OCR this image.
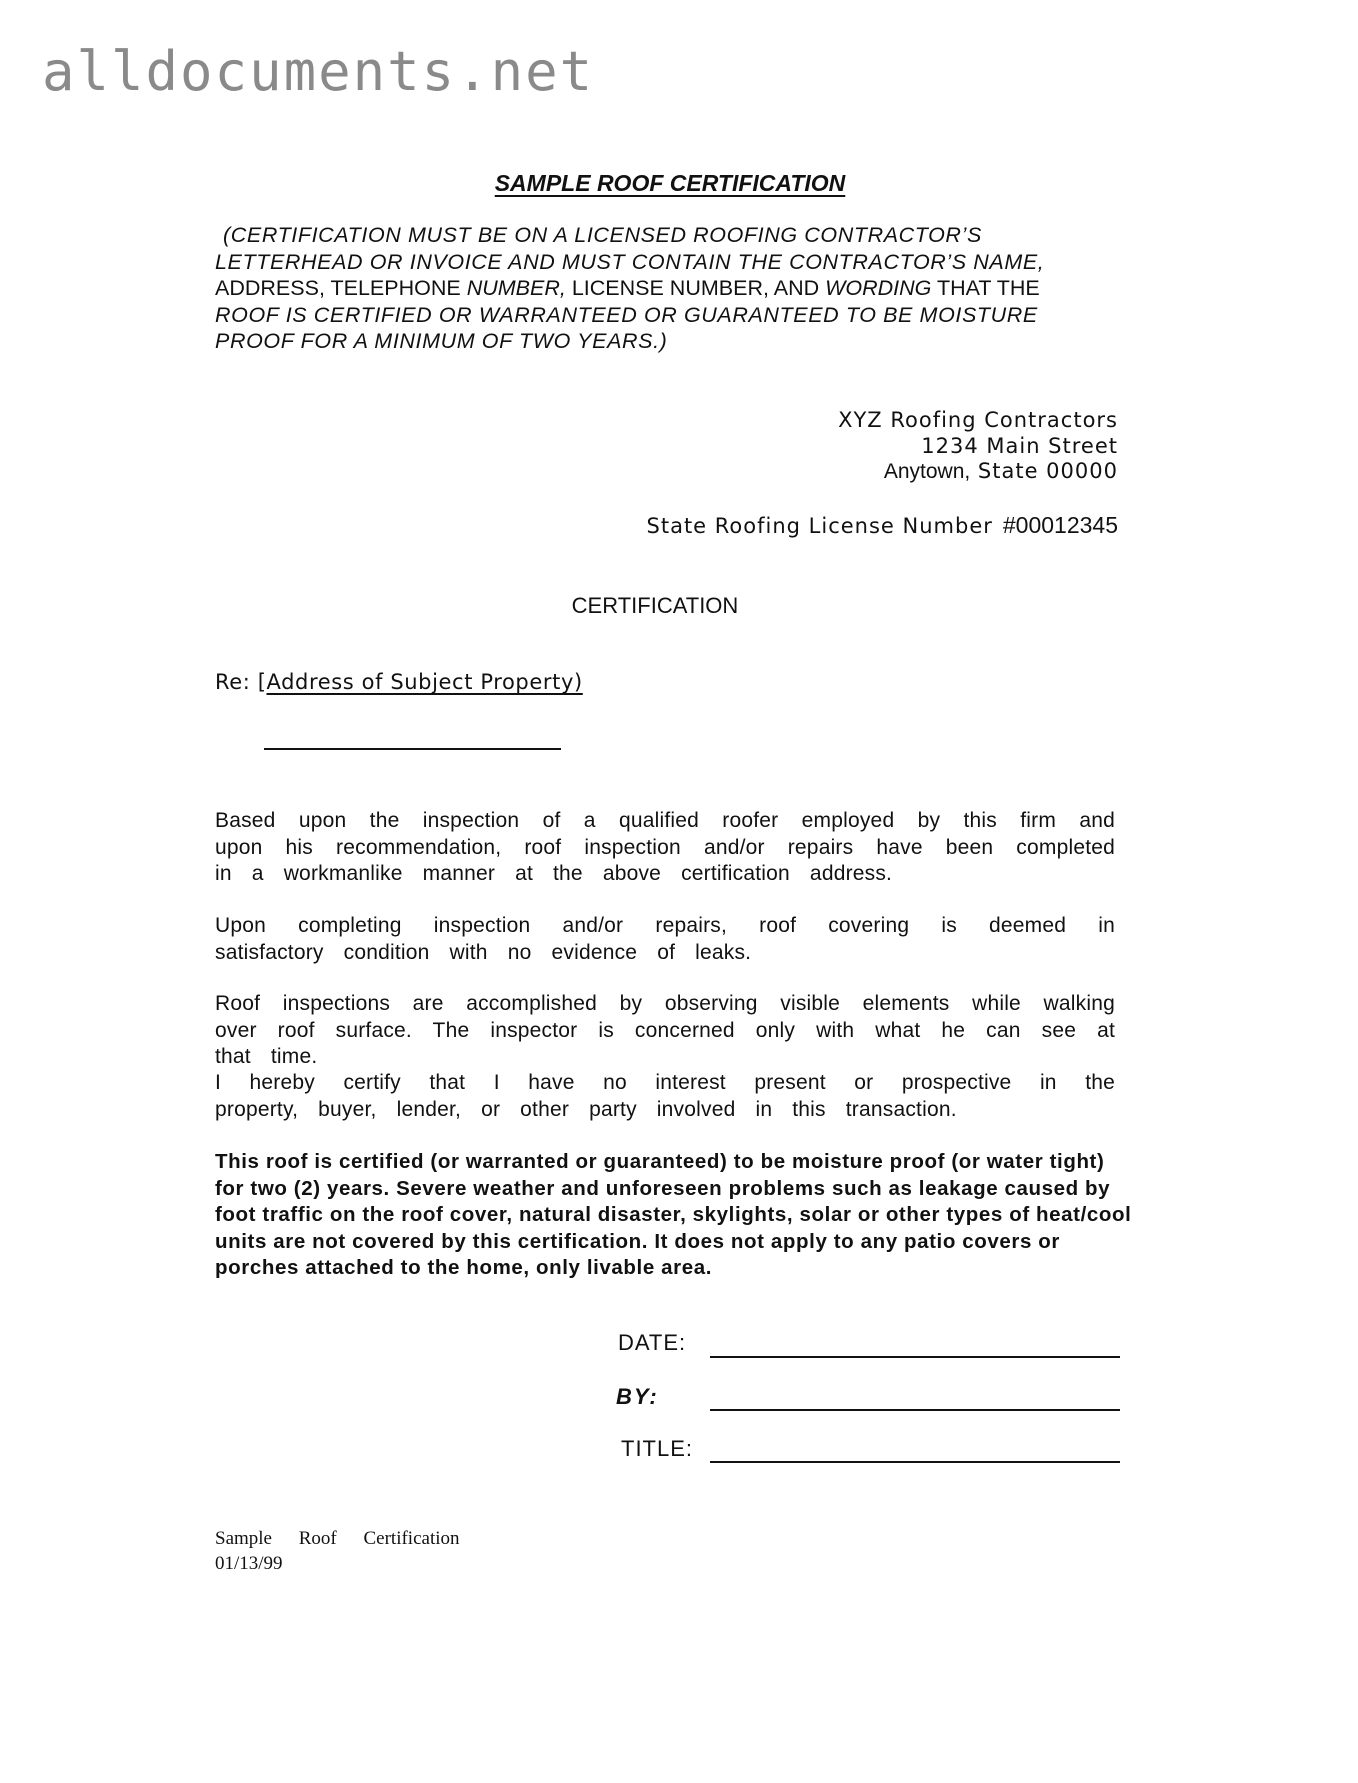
alldocuments.net
SAMPLE ROOF CERTIFICATION
(CERTIFICATION MUST BE ON A LICENSED ROOFING CONTRACTOR’S
LETTERHEAD OR INVOICE AND MUST CONTAIN THE CONTRACTOR’S NAME,
ADDRESS, TELEPHONE NUMBER, LICENSE NUMBER, AND WORDING THAT THE
ROOF IS CERTIFIED OR WARRANTEED OR GUARANTEED TO BE MOISTURE
PROOF FOR A MINIMUM OF TWO YEARS.)
XYZ Roofing Contractors
1234 Main Street
Anytown, State 00000
State Roofing License Number #00012345
CERTIFICATION
Re: [Address of Subject Property)
Based upon the inspection of a qualified roofer employed by this firm and upon his recommendation, roof inspection and/or repairs have been completed in a workmanlike manner at the above certification address.
Upon completing inspection and/or repairs, roof covering is deemed in satisfactory condition with no evidence of leaks.
Roof inspections are accomplished by observing visible elements while walking over roof surface. The inspector is concerned only with what he can see at that time.
I hereby certify that I have no interest present or prospective in the property, buyer, lender, or other party involved in this transaction.
This roof is certified (or warranted or guaranteed) to be moisture proof (or water tight) for two (2) years. Severe weather and unforeseen problems such as leakage caused by foot traffic on the roof cover, natural disaster, skylights, solar or other types of heat/cool units are not covered by this certification. It does not apply to any patio covers or porches attached to the home, only livable area.
DATE:
BY:
TITLE:
Sample Roof Certification
01/13/99
